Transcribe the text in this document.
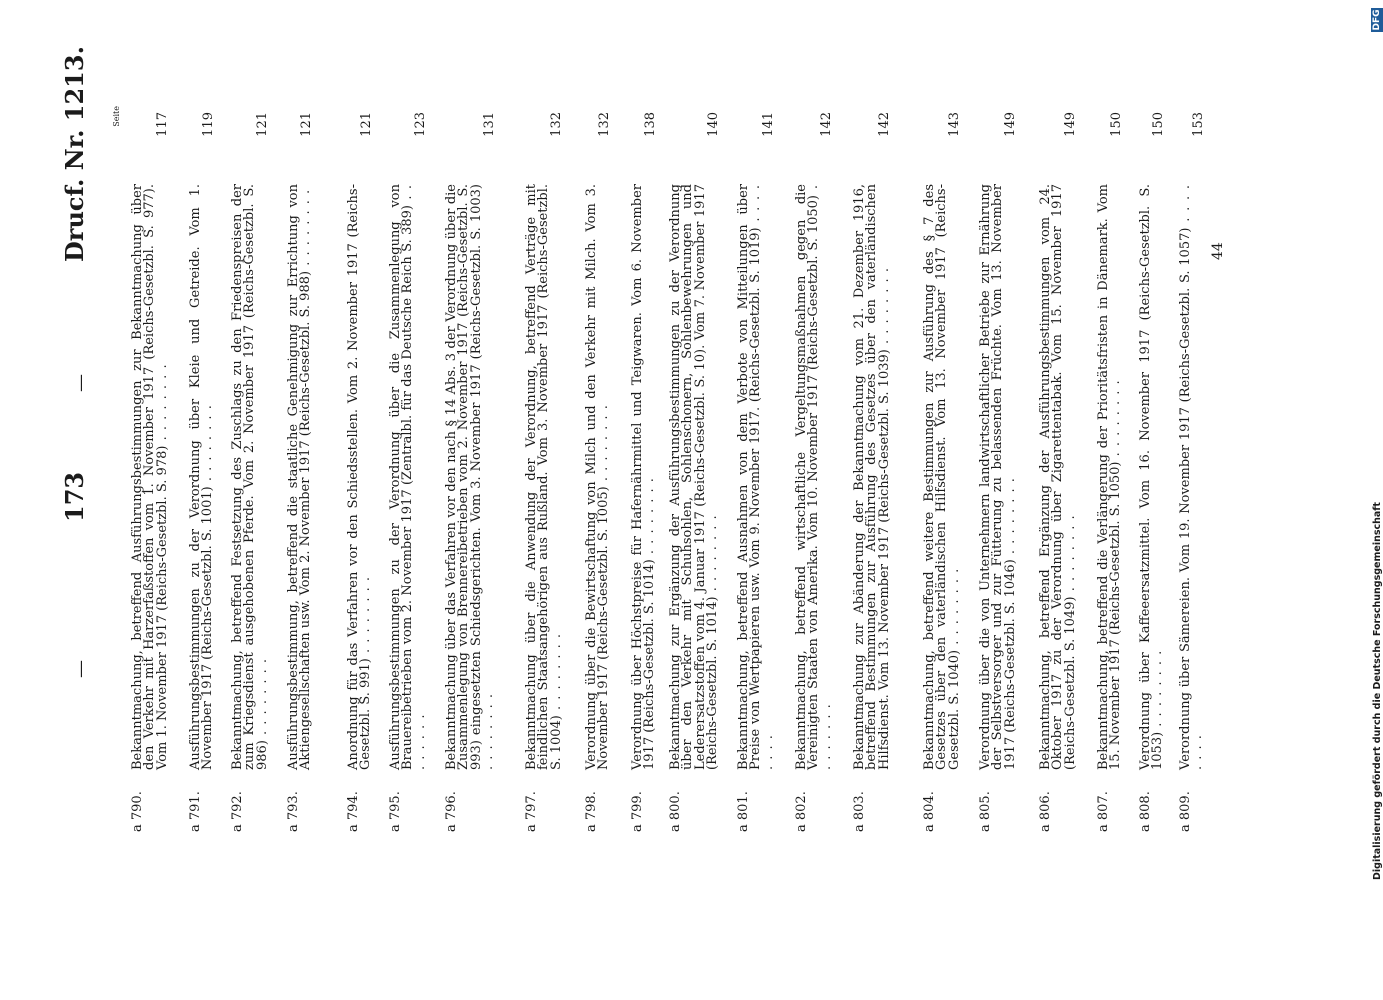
—
173
—
Drucf. Nr. 1213.	Seite
a 790.
Bekanntmachung, betreffend Ausführungsbestimmungen zur Bekanntmachung über den Verkehr mit Harzerfaßstoffen vom 1. November 1917 (Reichs-Gesetzbl. S. 977). Vom 1. November 1917 (Reichs-Gesetzbl. S. 978) . . . . . . . .
117
a 791.
Ausführungsbestimmungen zu der Verordnung über Kleie und Getreide. Vom 1. November 1917 (Reichs-Gesetzbl. S. 1001) . . . . . . . .
119
a 792.
Bekanntmachung, betreffend Festsetzung des Zuschlags zu den Friedenspreisen der zum Kriegsdienst ausgehobenen Pferde. Vom 2. November 1917 (Reichs-Gesetzbl. S. 986) . . . . . . . .
121
a 793.
Ausführungsbestimmung, betreffend die staatliche Genehmigung zur Errichtung von Aktiengesellschaften usw. Vom 2. November 1917 (Reichs-Gesetzbl. S. 988) . . . . . . . .
121
a 794.
Anordnung für das Verfahren vor den Schiedsstellen. Vom 2. November 1917 (Reichs-Gesetzbl. S. 991) . . . . . . . .
121
a 795.
Ausführungsbestimmungen zu der Verordnung über die Zusammenlegung von Brauereibetrieben vom 2. November 1917 (Zentralbl. für das Deutsche Reich S. 389) . . . . . . . .
123
a 796.
Bekanntmachung über das Verfahren vor den nach § 14 Abs. 3 der Verordnung über die Zusammenlegung von Brennereibetrieben vom 2. November 1917 (Reichs-Gesetzbl. S. 993) eingesetzten Schiedsgerichten. Vom 3. November 1917 (Reichs-Gesetzbl. S. 1003) . . . . . . . .
131
a 797.
Bekanntmachung über die Anwendung der Verordnung, betreffend Verträge mit feindlichen Staatsangehörigen aus Rußland. Vom 3. November 1917 (Reichs-Gesetzbl. S. 1004) . . . . . . . .
132
a 798.
Verordnung über die Bewirtschaftung von Milch und den Verkehr mit Milch. Vom 3. November 1917 (Reichs-Gesetzbl. S. 1005) . . . . . . . .
132
a 799.
Verordnung über Höchstpreise für Hafernährmittel und Teigwaren. Vom 6. November 1917 (Reichs-Gesetzbl. S. 1014) . . . . . . . .
138
a 800.
Bekanntmachung zur Ergänzung der Ausführungsbestimmungen zu der Verordnung über den Verkehr mit Schuhsohlen, Sohlenschonern, Sohlenbewehrungen und Lederersatzstoffen vom 4. Januar 1917 (Reichs-Gesetzbl. S. 10). Vom 7. November 1917 (Reichs-Gesetzbl. S. 1014) . . . . . . . .
140
a 801.
Bekanntmachung, betreffend Ausnahmen von dem Verbote von Mitteilungen über Preise von Wertpapieren usw. Vom 9. November 1917. (Reichs-Gesetzbl. S. 1019) . . . . . . . .
141
a 802.
Bekanntmachung, betreffend wirtschaftliche Vergeltungsmaßnahmen gegen die Vereinigten Staaten von Amerika. Vom 10. November 1917 (Reichs-Gesetzbl. S. 1050) . . . . . . . .
142
a 803.
Bekanntmachung zur Abänderung der Bekanntmachung vom 21. Dezember 1916, betreffend Bestimmungen zur Ausführung des Gesetzes über den vaterländischen Hilfsdienst. Vom 13. November 1917 (Reichs-Gesetzbl. S. 1039) . . . . . . . .
142
a 804.
Bekanntmachung, betreffend weitere Bestimmungen zur Ausführung des § 7 des Gesetzes über den vaterländischen Hilfsdienst. Vom 13. November 1917 (Reichs-Gesetzbl. S. 1040) . . . . . . . .
143
a 805.
Verordnung über die von Unternehmern landwirtschaftlicher Betriebe zur Ernährung der Selbstversorger und zur Fütterung zu belassenden Früchte. Vom 13. November 1917 (Reichs-Gesetzbl. S. 1046) . . . . . . . .
149
a 806.
Bekanntmachung, betreffend Ergänzung der Ausführungsbestimmungen vom 24. Oktober 1917 zu der Verordnung über Zigarettentabak. Vom 15. November 1917 (Reichs-Gesetzbl. S. 1049) . . . . . . . .
149
a 807.
Bekanntmachung, betreffend die Verlängerung der Prioritätsfristen in Dänemark. Vom 15. November 1917 (Reichs-Gesetzbl. S. 1050) . . . . . . . .
150
a 808.
Verordnung über Kaffeeersatzmittel. Vom 16. November 1917 (Reichs-Gesetzbl. S. 1053) . . . . . . . .
150
a 809.
Verordnung über Sämereien. Vom 19. November 1917 (Reichs-Gesetzbl. S. 1057) . . . . . . . .
153
44
Digitalisierung gefördert durch die Deutsche Forschungsgemeinschaft
DFG
